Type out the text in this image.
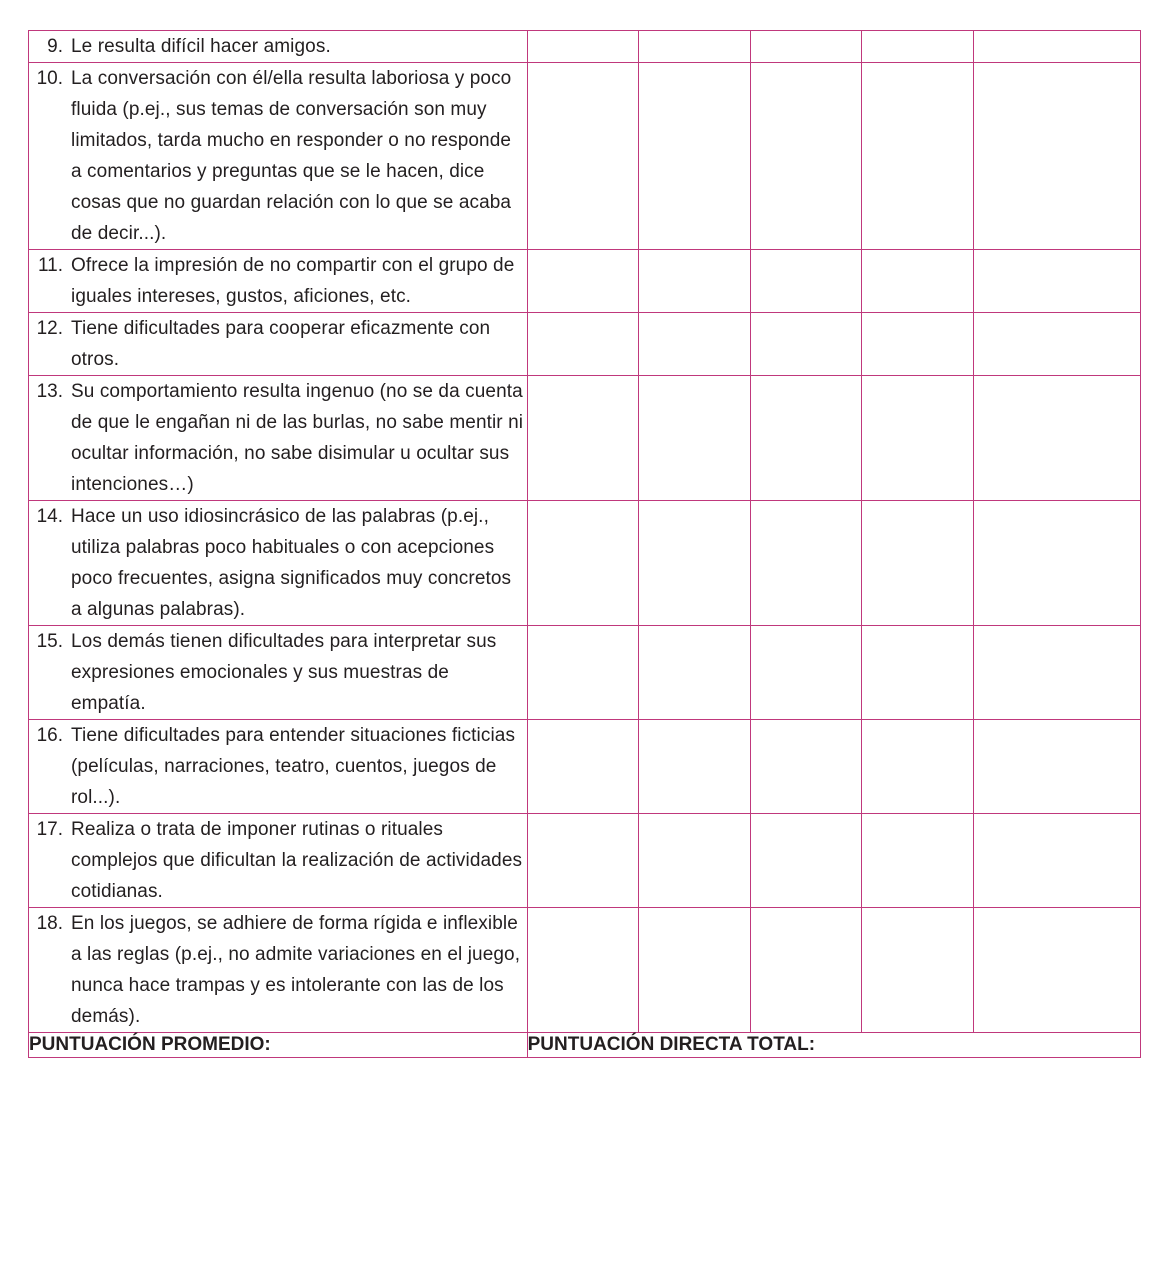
9. Le resulta difícil hacer amigos.					

10. La conversación con él/ella resulta laboriosa y poco fluida (p.ej., sus temas de conversación son muy limitados, tarda mucho en responder o no responde a comentarios y preguntas que se le hacen, dice cosas que no guardan relación con lo que se acaba de decir...).					

11. Ofrece la impresión de no compartir con el grupo de iguales intereses, gustos, aficiones, etc.					

12. Tiene dificultades para cooperar eficazmente con otros.					

13. Su comportamiento resulta ingenuo (no se da cuenta de que le engañan ni de las burlas, no sabe mentir ni ocultar información, no sabe disimular u ocultar sus intenciones…)					

14. Hace un uso idiosincrásico de las palabras (p.ej., utiliza palabras poco habituales o con acepciones poco frecuentes, asigna significados muy concretos a algunas palabras).					

15. Los demás tienen dificultades para interpretar sus expresiones emocionales y sus muestras de empatía.					

16. Tiene dificultades para entender situaciones ficticias (películas, narraciones, teatro, cuentos, juegos de rol...).					

17. Realiza o trata de imponer rutinas o rituales complejos que dificultan la realización de actividades cotidianas.					

18. En los juegos, se adhiere de forma rígida e inflexible a las reglas (p.ej., no admite variaciones en el juego, nunca hace trampas y es intolerante con las de los demás).					

PUNTUACIÓN PROMEDIO:	PUNTUACIÓN DIRECTA TOTAL:				
